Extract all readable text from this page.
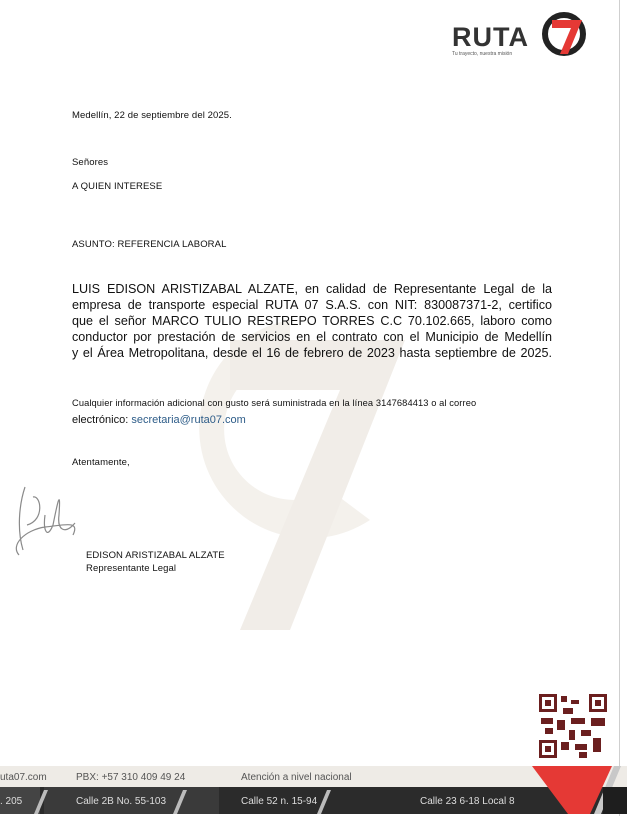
RUTA
Tu trayecto, nuestra misión
Medellín, 22 de septiembre del 2025.
Señores
A QUIEN INTERESE
ASUNTO: REFERENCIA LABORAL
LUIS EDISON ARISTIZABAL ALZATE, en calidad de Representante Legal de la
empresa de transporte especial RUTA 07 S.A.S. con NIT: 830087371-2, certifico
que el señor MARCO TULIO RESTREPO TORRES C.C 70.102.665, laboro como
conductor por prestación de servicios en el contrato con el Municipio de Medellín
y el Área Metropolitana, desde el 16 de febrero de 2023 hasta septiembre de 2025.
Cualquier información adicional con gusto será suministrada en la línea 3147684413 o al correo
electrónico: secretaria@ruta07.com
Atentamente,
EDISON ARISTIZABAL ALZATE
Representante Legal
uta07.com	PBX: +57 310 409 49 24	Atención a nivel nacional
. 205	Calle 2B No. 55-103	Calle 52 n. 15-94	Calle 23 6-18 Local 8
